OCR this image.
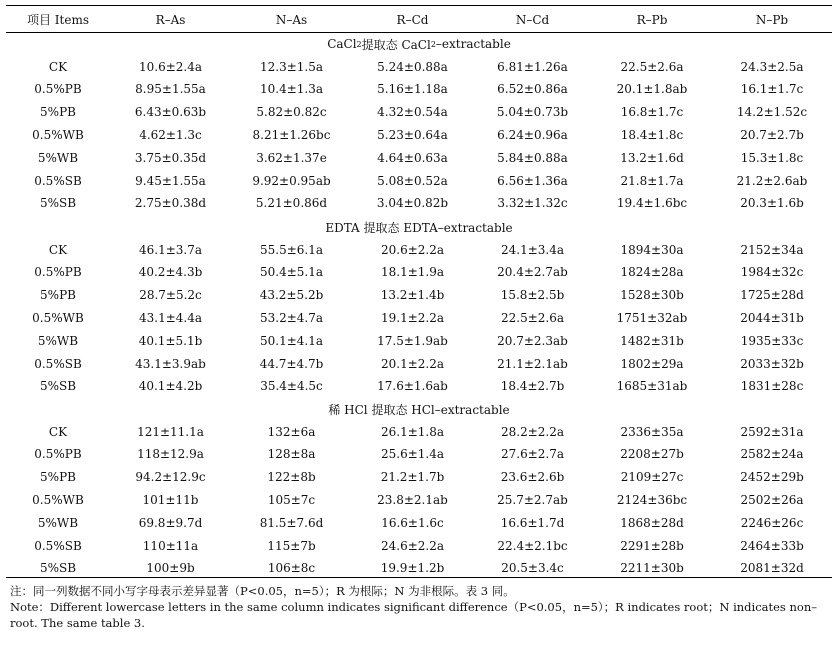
项目 Items	R–As	N–As	R–Cd	N–Cd	R–Pb	N–Pb
CaCl 2 提取态 CaCl 2 –extractable
CK	10.6±2.4a	12.3±1.5a	5.24±0.88a	6.81±1.26a	22.5±2.6a	24.3±2.5a
0.5%PB	8.95±1.55a	10.4±1.3a	5.16±1.18a	6.52±0.86a	20.1±1.8ab	16.1±1.7c
5%PB	6.43±0.63b	5.82±0.82c	4.32±0.54a	5.04±0.73b	16.8±1.7c	14.2±1.52c
0.5%WB	4.62±1.3c	8.21±1.26bc	5.23±0.64a	6.24±0.96a	18.4±1.8c	20.7±2.7b
5%WB	3.75±0.35d	3.62±1.37e	4.64±0.63a	5.84±0.88a	13.2±1.6d	15.3±1.8c
0.5%SB	9.45±1.55a	9.92±0.95ab	5.08±0.52a	6.56±1.36a	21.8±1.7a	21.2±2.6ab
5%SB	2.75±0.38d	5.21±0.86d	3.04±0.82b	3.32±1.32c	19.4±1.6bc	20.3±1.6b
EDTA 提取态 EDTA–extractable
CK	46.1±3.7a	55.5±6.1a	20.6±2.2a	24.1±3.4a	1894±30a	2152±34a
0.5%PB	40.2±4.3b	50.4±5.1a	18.1±1.9a	20.4±2.7ab	1824±28a	1984±32c
5%PB	28.7±5.2c	43.2±5.2b	13.2±1.4b	15.8±2.5b	1528±30b	1725±28d
0.5%WB	43.1±4.4a	53.2±4.7a	19.1±2.2a	22.5±2.6a	1751±32ab	2044±31b
5%WB	40.1±5.1b	50.1±4.1a	17.5±1.9ab	20.7±2.3ab	1482±31b	1935±33c
0.5%SB	43.1±3.9ab	44.7±4.7b	20.1±2.2a	21.1±2.1ab	1802±29a	2033±32b
5%SB	40.1±4.2b	35.4±4.5c	17.6±1.6ab	18.4±2.7b	1685±31ab	1831±28c
稀 HCl 提取态 HCl–extractable
CK	121±11.1a	132±6a	26.1±1.8a	28.2±2.2a	2336±35a	2592±31a
0.5%PB	118±12.9a	128±8a	25.6±1.4a	27.6±2.7a	2208±27b	2582±24a
5%PB	94.2±12.9c	122±8b	21.2±1.7b	23.6±2.6b	2109±27c	2452±29b
0.5%WB	101±11b	105±7c	23.8±2.1ab	25.7±2.7ab	2124±36bc	2502±26a
5%WB	69.8±9.7d	81.5±7.6d	16.6±1.6c	16.6±1.7d	1868±28d	2246±26c
0.5%SB	110±11a	115±7b	24.6±2.2a	22.4±2.1bc	2291±28b	2464±33b
5%SB	100±9b	106±8c	19.9±1.2b	20.5±3.4c	2211±30b	2081±32d
注：同一列数据不同小写字母表示差异显著（P<0.05，n=5）；R 为根际；N 为非根际。表 3 同。
Note：Different lowercase letters in the same column indicates significant difference（P<0.05，n=5）；R indicates root；N indicates non–root. The same table 3.
